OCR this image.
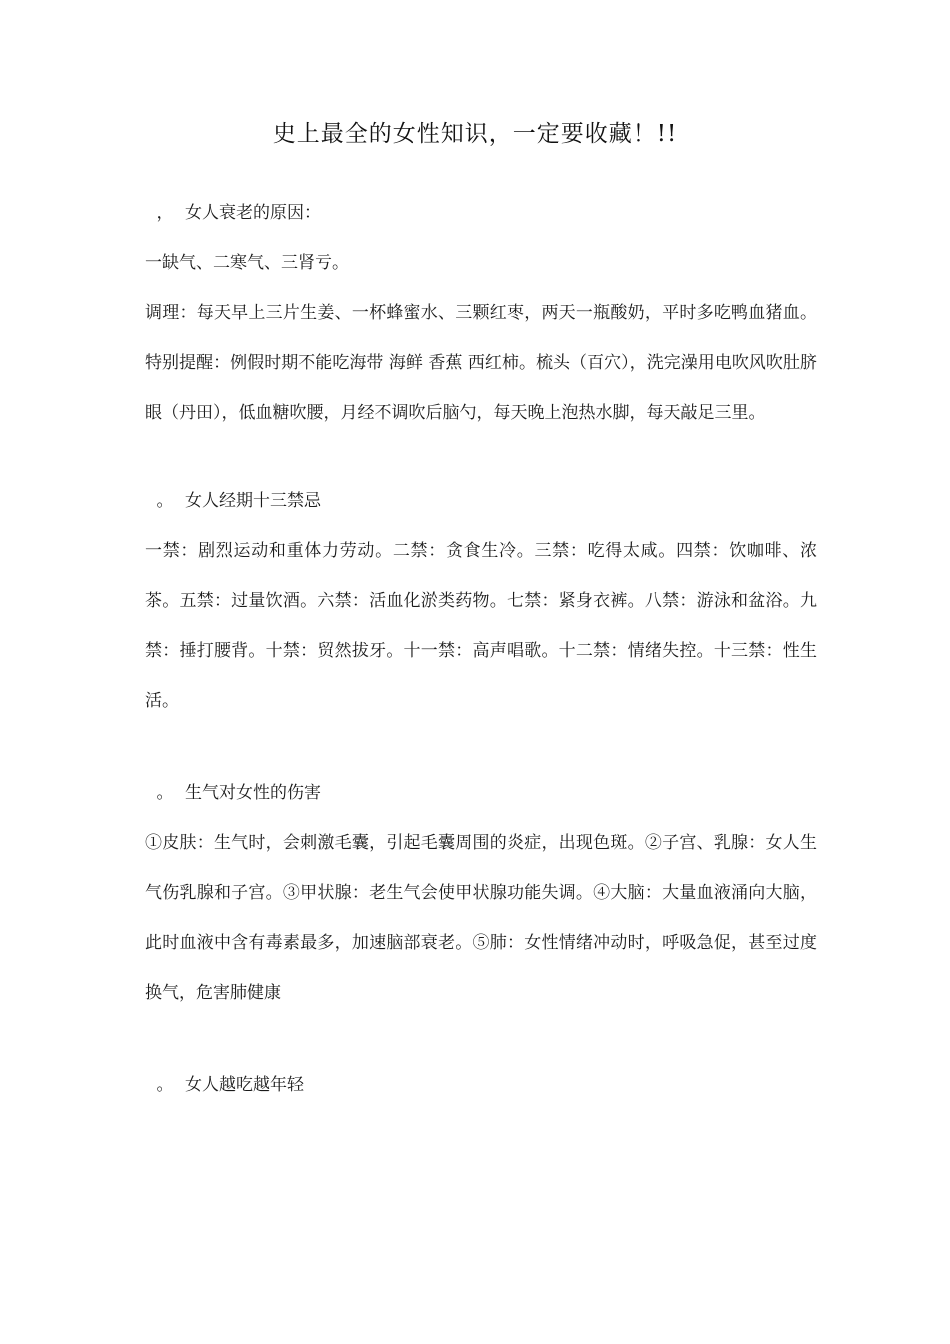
史上最全的女性知识，一定要收藏！!!
， 女人衰老的原因：

一缺气、二寒气、三肾亏。

调理：每天早上三片生姜、一杯蜂蜜水、三颗红枣，两天一瓶酸奶，平时多吃鸭血猪血。特别提醒：例假时期不能吃海带 海鲜 香蕉 西红柿。梳头（百穴），洗完澡用电吹风吹肚脐眼（丹田），低血糖吹腰，月经不调吹后脑勺，每天晚上泡热水脚，每天敲足三里。

。 女人经期十三禁忌

一禁：剧烈运动和重体力劳动。二禁：贪食生冷。三禁：吃得太咸。四禁：饮咖啡、浓茶。五禁：过量饮酒。六禁：活血化淤类药物。七禁：紧身衣裤。八禁：游泳和盆浴。九禁：捶打腰背。十禁：贸然拔牙。十一禁：高声唱歌。十二禁：情绪失控。十三禁：性生活。

。 生气对女性的伤害

①皮肤：生气时，会刺激毛囊，引起毛囊周围的炎症，出现色斑。②子宫、乳腺：女人生气伤乳腺和子宫。③甲状腺：老生气会使甲状腺功能失调。④大脑：大量血液涌向大脑，此时血液中含有毒素最多，加速脑部衰老。⑤肺：女性情绪冲动时，呼吸急促，甚至过度换气，危害肺健康

。 女人越吃越年轻
